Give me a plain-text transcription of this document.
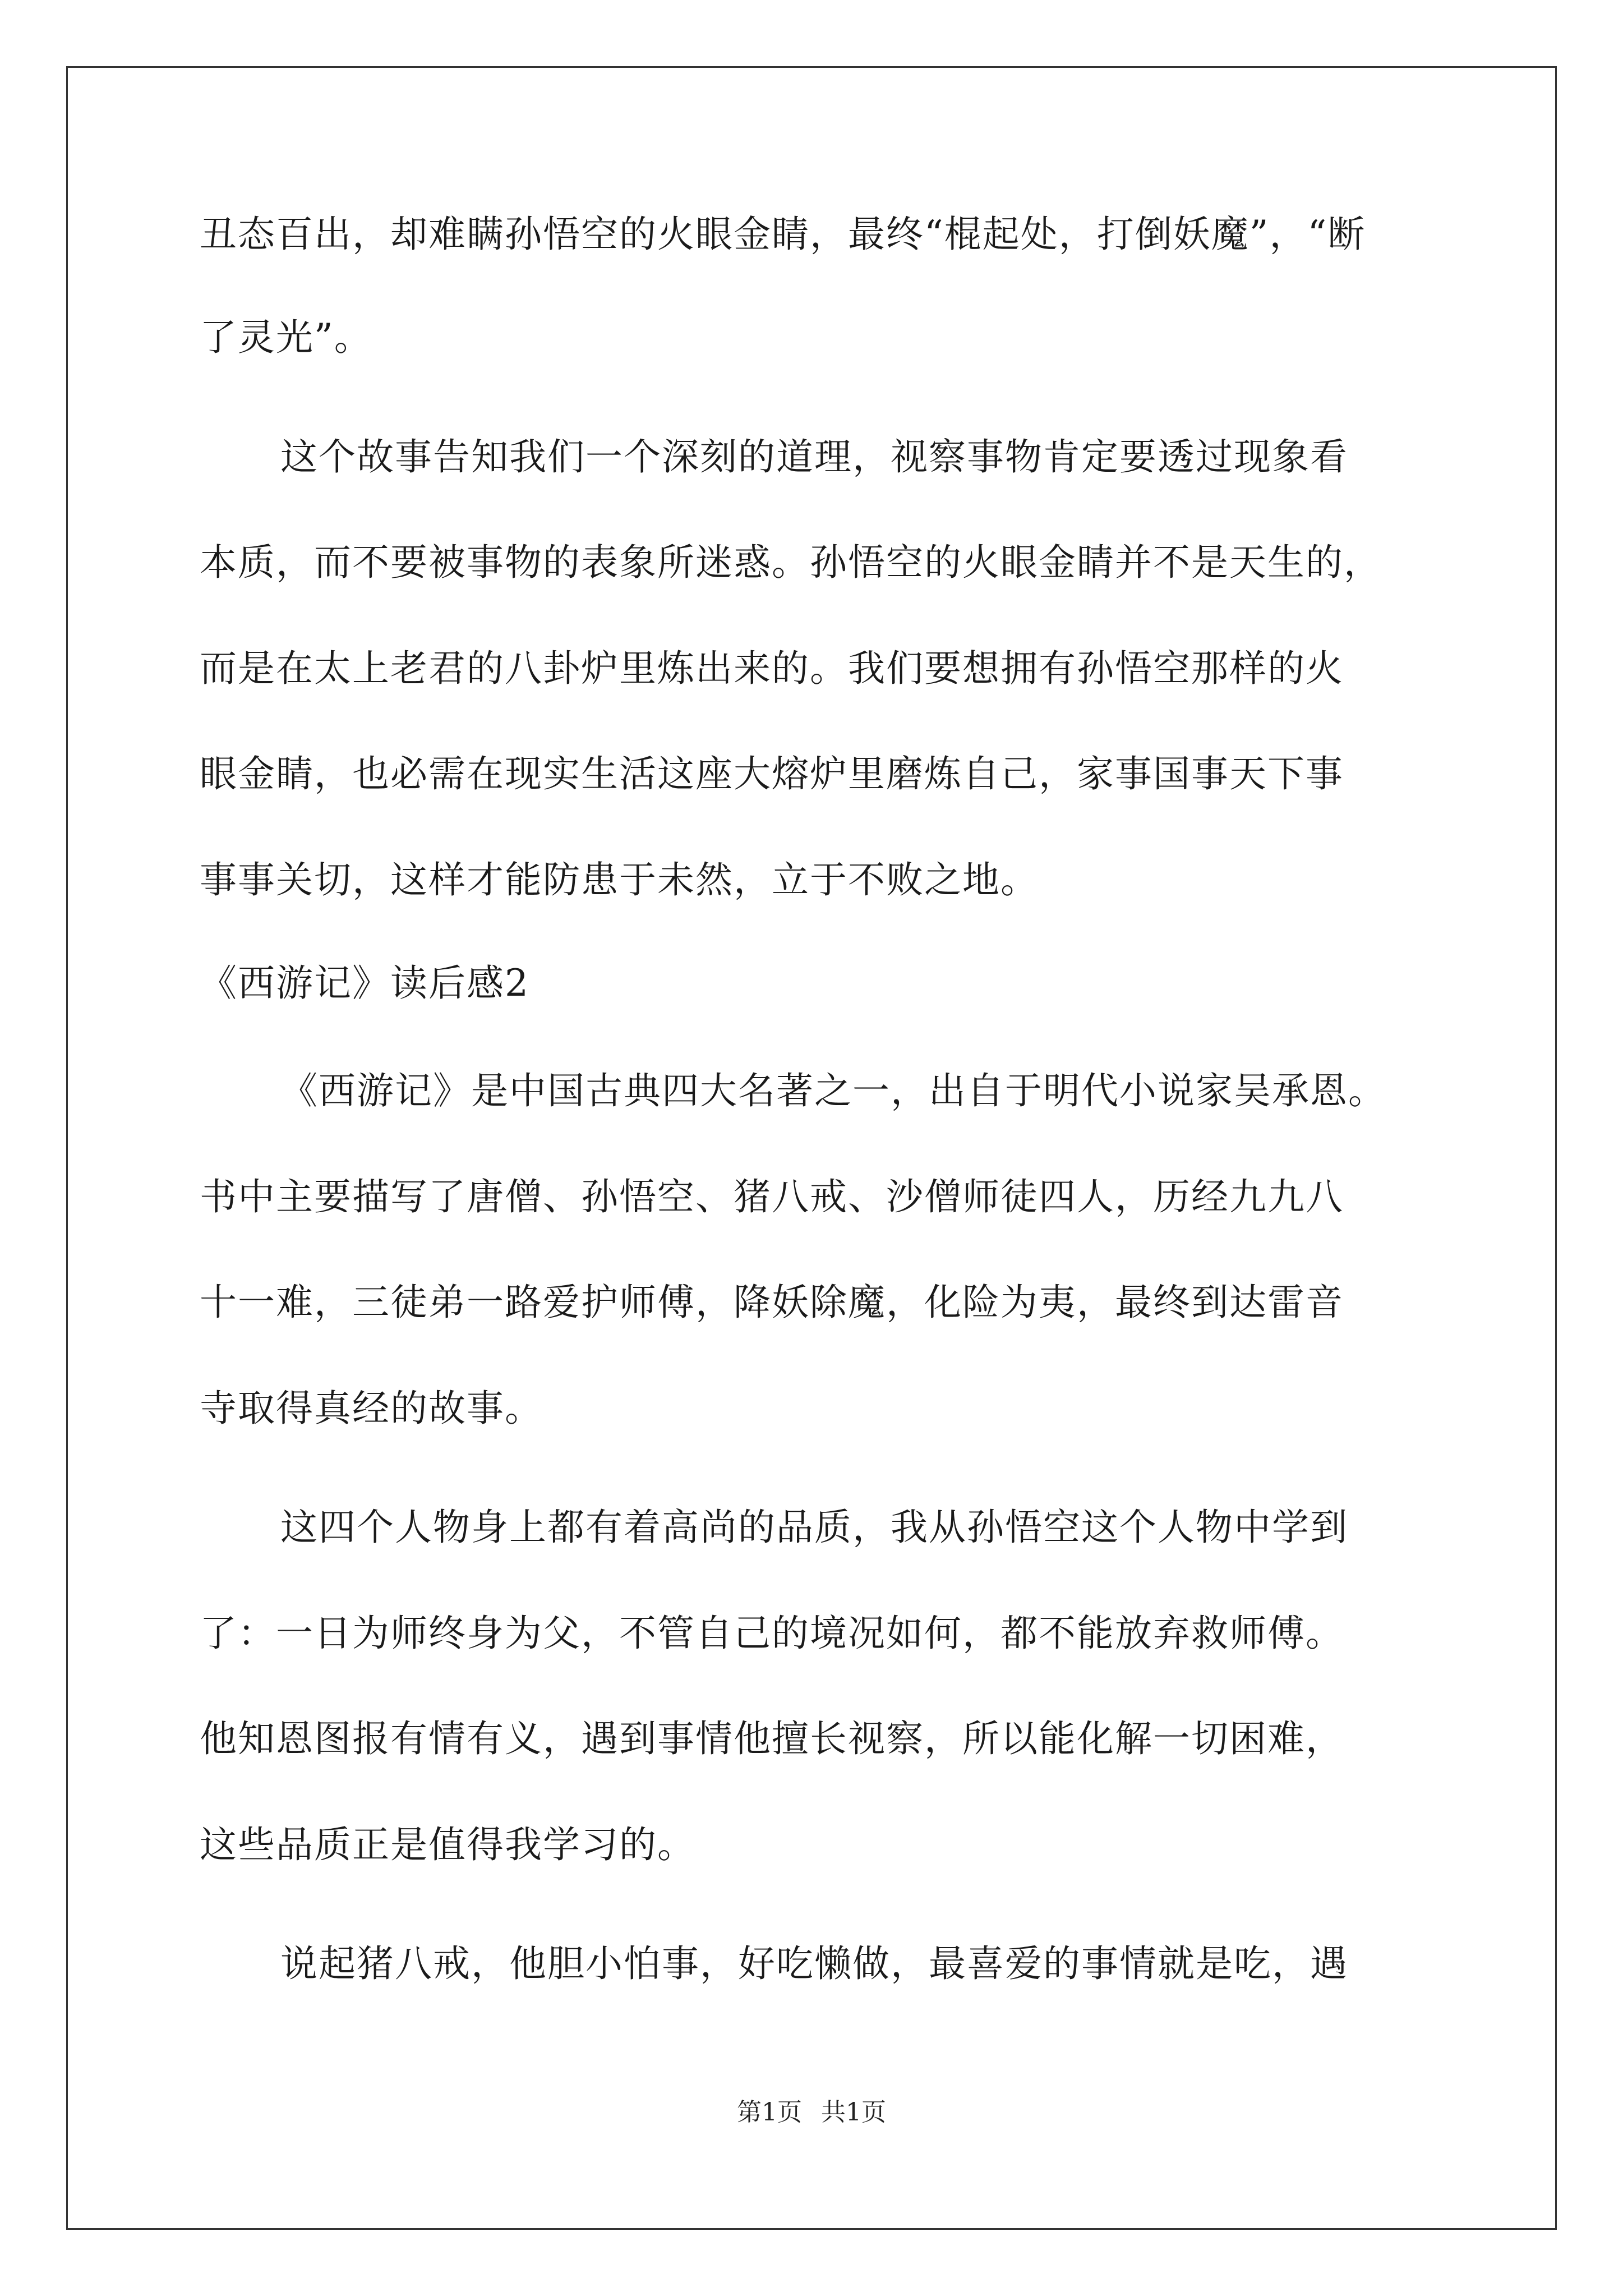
丑态百出，却难瞒孙悟空的火眼金睛，最终“棍起处，打倒妖魔”，“断
了灵光”。
这个故事告知我们一个深刻的道理，视察事物肯定要透过现象看
本质，而不要被事物的表象所迷惑。孙悟空的火眼金睛并不是天生的，
而是在太上老君的八卦炉里炼出来的。我们要想拥有孙悟空那样的火
眼金睛，也必需在现实生活这座大熔炉里磨炼自己，家事国事天下事
事事关切，这样才能防患于未然，立于不败之地。
《西游记》读后感2
《西游记》是中国古典四大名著之一，出自于明代小说家吴承恩。
书中主要描写了唐僧、孙悟空、猪八戒、沙僧师徒四人，历经九九八
十一难，三徒弟一路爱护师傅，降妖除魔，化险为夷，最终到达雷音
寺取得真经的故事。
这四个人物身上都有着高尚的品质，我从孙悟空这个人物中学到
了：一日为师终身为父，不管自己的境况如何，都不能放弃救师傅。
他知恩图报有情有义，遇到事情他擅长视察，所以能化解一切困难，
这些品质正是值得我学习的。
说起猪八戒，他胆小怕事，好吃懒做，最喜爱的事情就是吃，遇
第1页 共1页
